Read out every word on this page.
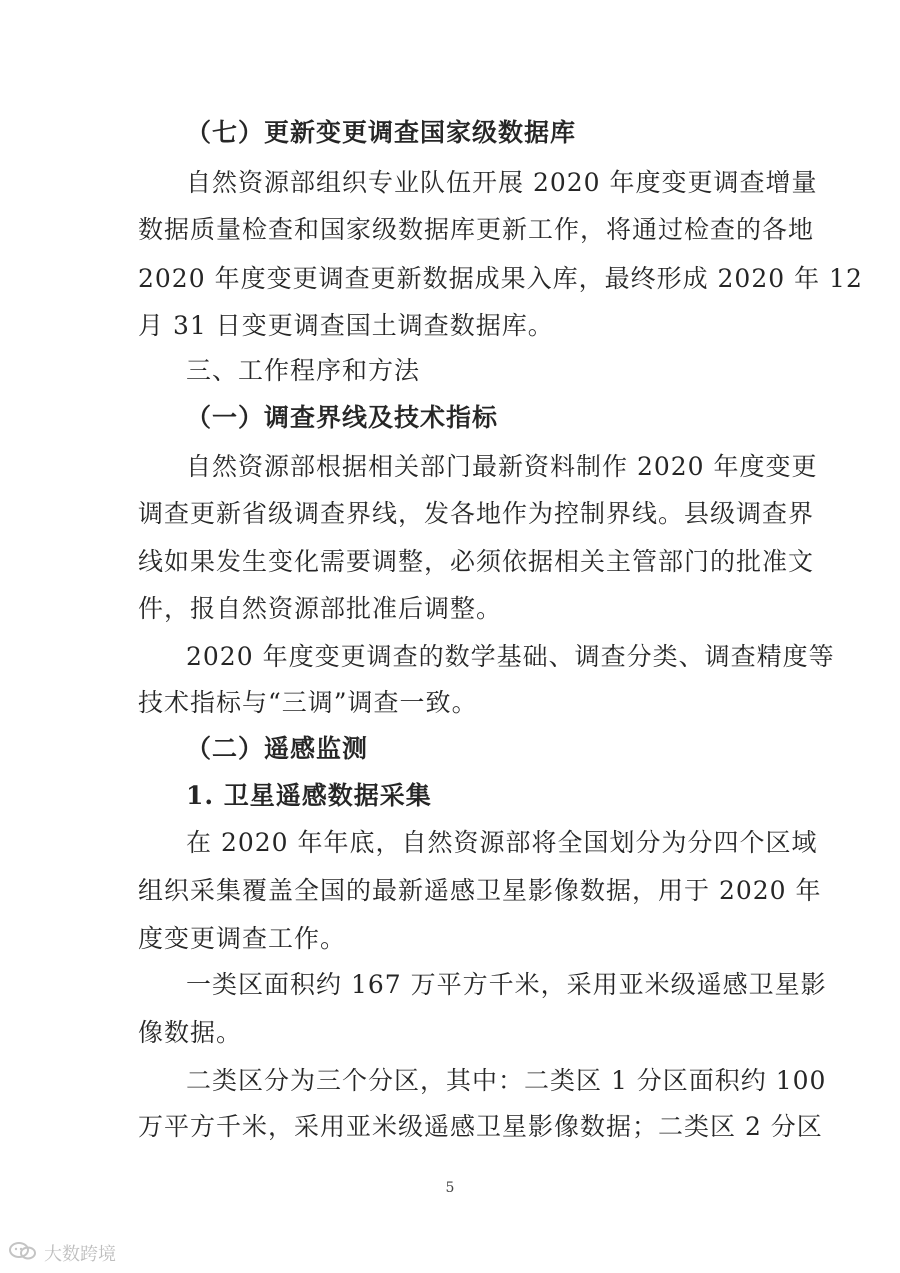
（七）更新变更调查国家级数据库
自然资源部组织专业队伍开展 2020 年度变更调查增量
数据质量检查和国家级数据库更新工作，将通过检查的各地
2020 年度变更调查更新数据成果入库，最终形成 2020 年 12
月 31 日变更调查国土调查数据库。
三、工作程序和方法
（一）调查界线及技术指标
自然资源部根据相关部门最新资料制作 2020 年度变更
调查更新省级调查界线，发各地作为控制界线。县级调查界
线如果发生变化需要调整，必须依据相关主管部门的批准文
件，报自然资源部批准后调整。
2020 年度变更调查的数学基础、调查分类、调查精度等
技术指标与“三调”调查一致。
（二）遥感监测
1. 卫星遥感数据采集
在 2020 年年底，自然资源部将全国划分为分四个区域
组织采集覆盖全国的最新遥感卫星影像数据，用于 2020 年
度变更调查工作。
一类区面积约 167 万平方千米，采用亚米级遥感卫星影
像数据。
二类区分为三个分区，其中：二类区 1 分区面积约 100
万平方千米，采用亚米级遥感卫星影像数据；二类区 2 分区
5
大数跨境
